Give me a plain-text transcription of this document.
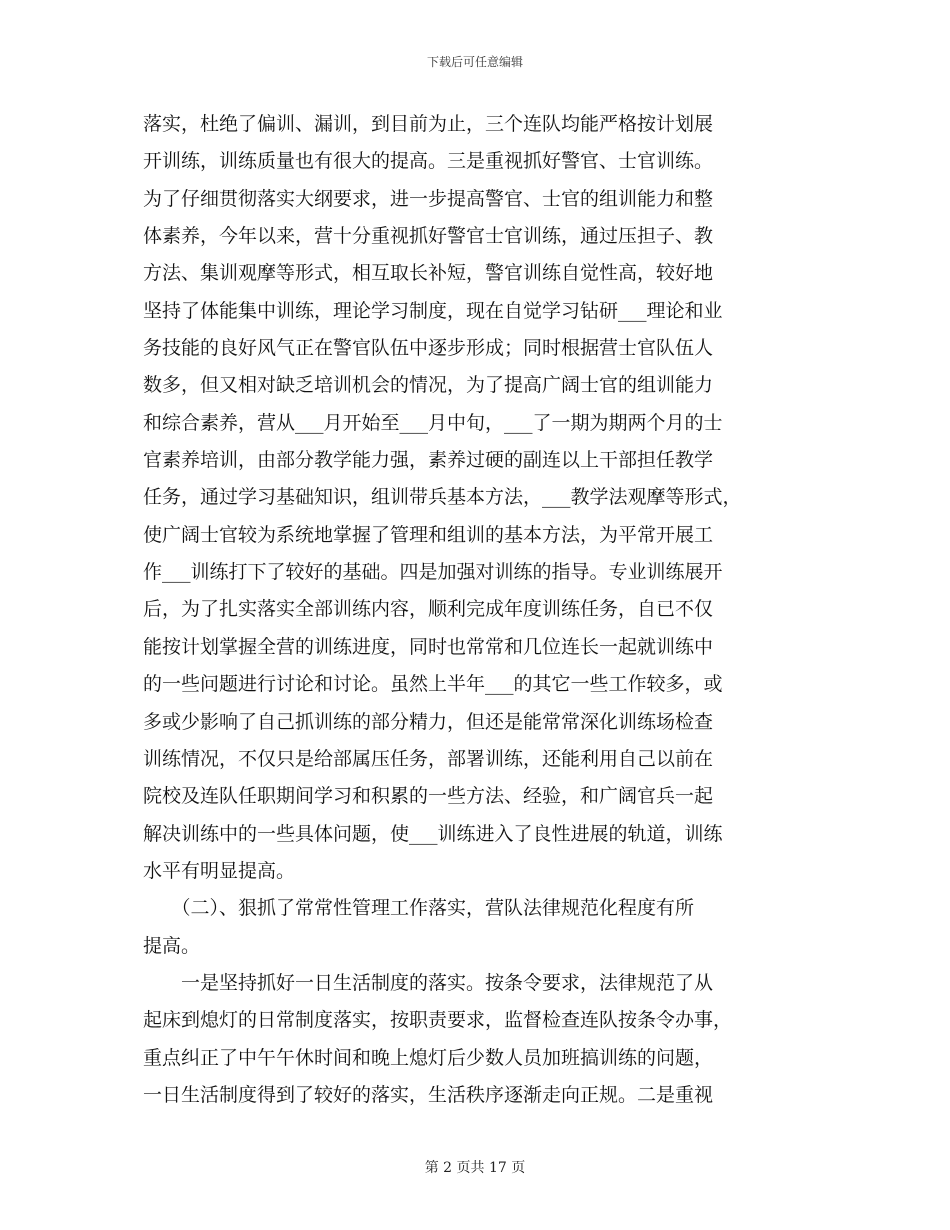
下载后可任意编辑
落实，杜绝了偏训、漏训，到目前为止，三个连队均能严格按计划展
开训练，训练质量也有很大的提高。三是重视抓好警官、士官训练。
为了仔细贯彻落实大纲要求，进一步提高警官、士官的组训能力和整
体素养，今年以来，营十分重视抓好警官士官训练，通过压担子、教
方法、集训观摩等形式，相互取长补短，警官训练自觉性高，较好地
坚持了体能集中训练，理论学习制度，现在自觉学习钻研___理论和业
务技能的良好风气正在警官队伍中逐步形成；同时根据营士官队伍人
数多，但又相对缺乏培训机会的情况，为了提高广阔士官的组训能力
和综合素养，营从___月开始至___月中旬，___了一期为期两个月的士
官素养培训，由部分教学能力强，素养过硬的副连以上干部担任教学
任务，通过学习基础知识，组训带兵基本方法，___教学法观摩等形式，
使广阔士官较为系统地掌握了管理和组训的基本方法，为平常开展工
作___训练打下了较好的基础。四是加强对训练的指导。专业训练展开
后，为了扎实落实全部训练内容，顺利完成年度训练任务，自已不仅
能按计划掌握全营的训练进度，同时也常常和几位连长一起就训练中
的一些问题进行讨论和讨论。虽然上半年___的其它一些工作较多，或
多或少影响了自己抓训练的部分精力，但还是能常常深化训练场检查
训练情况，不仅只是给部属压任务，部署训练，还能利用自己以前在
院校及连队任职期间学习和积累的一些方法、经验，和广阔官兵一起
解决训练中的一些具体问题，使___训练进入了良性进展的轨道，训练
水平有明显提高。
　　（二）、狠抓了常常性管理工作落实，营队法律规范化程度有所
提高。
　　一是坚持抓好一日生活制度的落实。按条令要求，法律规范了从
起床到熄灯的日常制度落实，按职责要求，监督检查连队按条令办事，
重点纠正了中午午休时间和晚上熄灯后少数人员加班搞训练的问题，
一日生活制度得到了较好的落实，生活秩序逐渐走向正规。二是重视
第 2 页共 17 页
